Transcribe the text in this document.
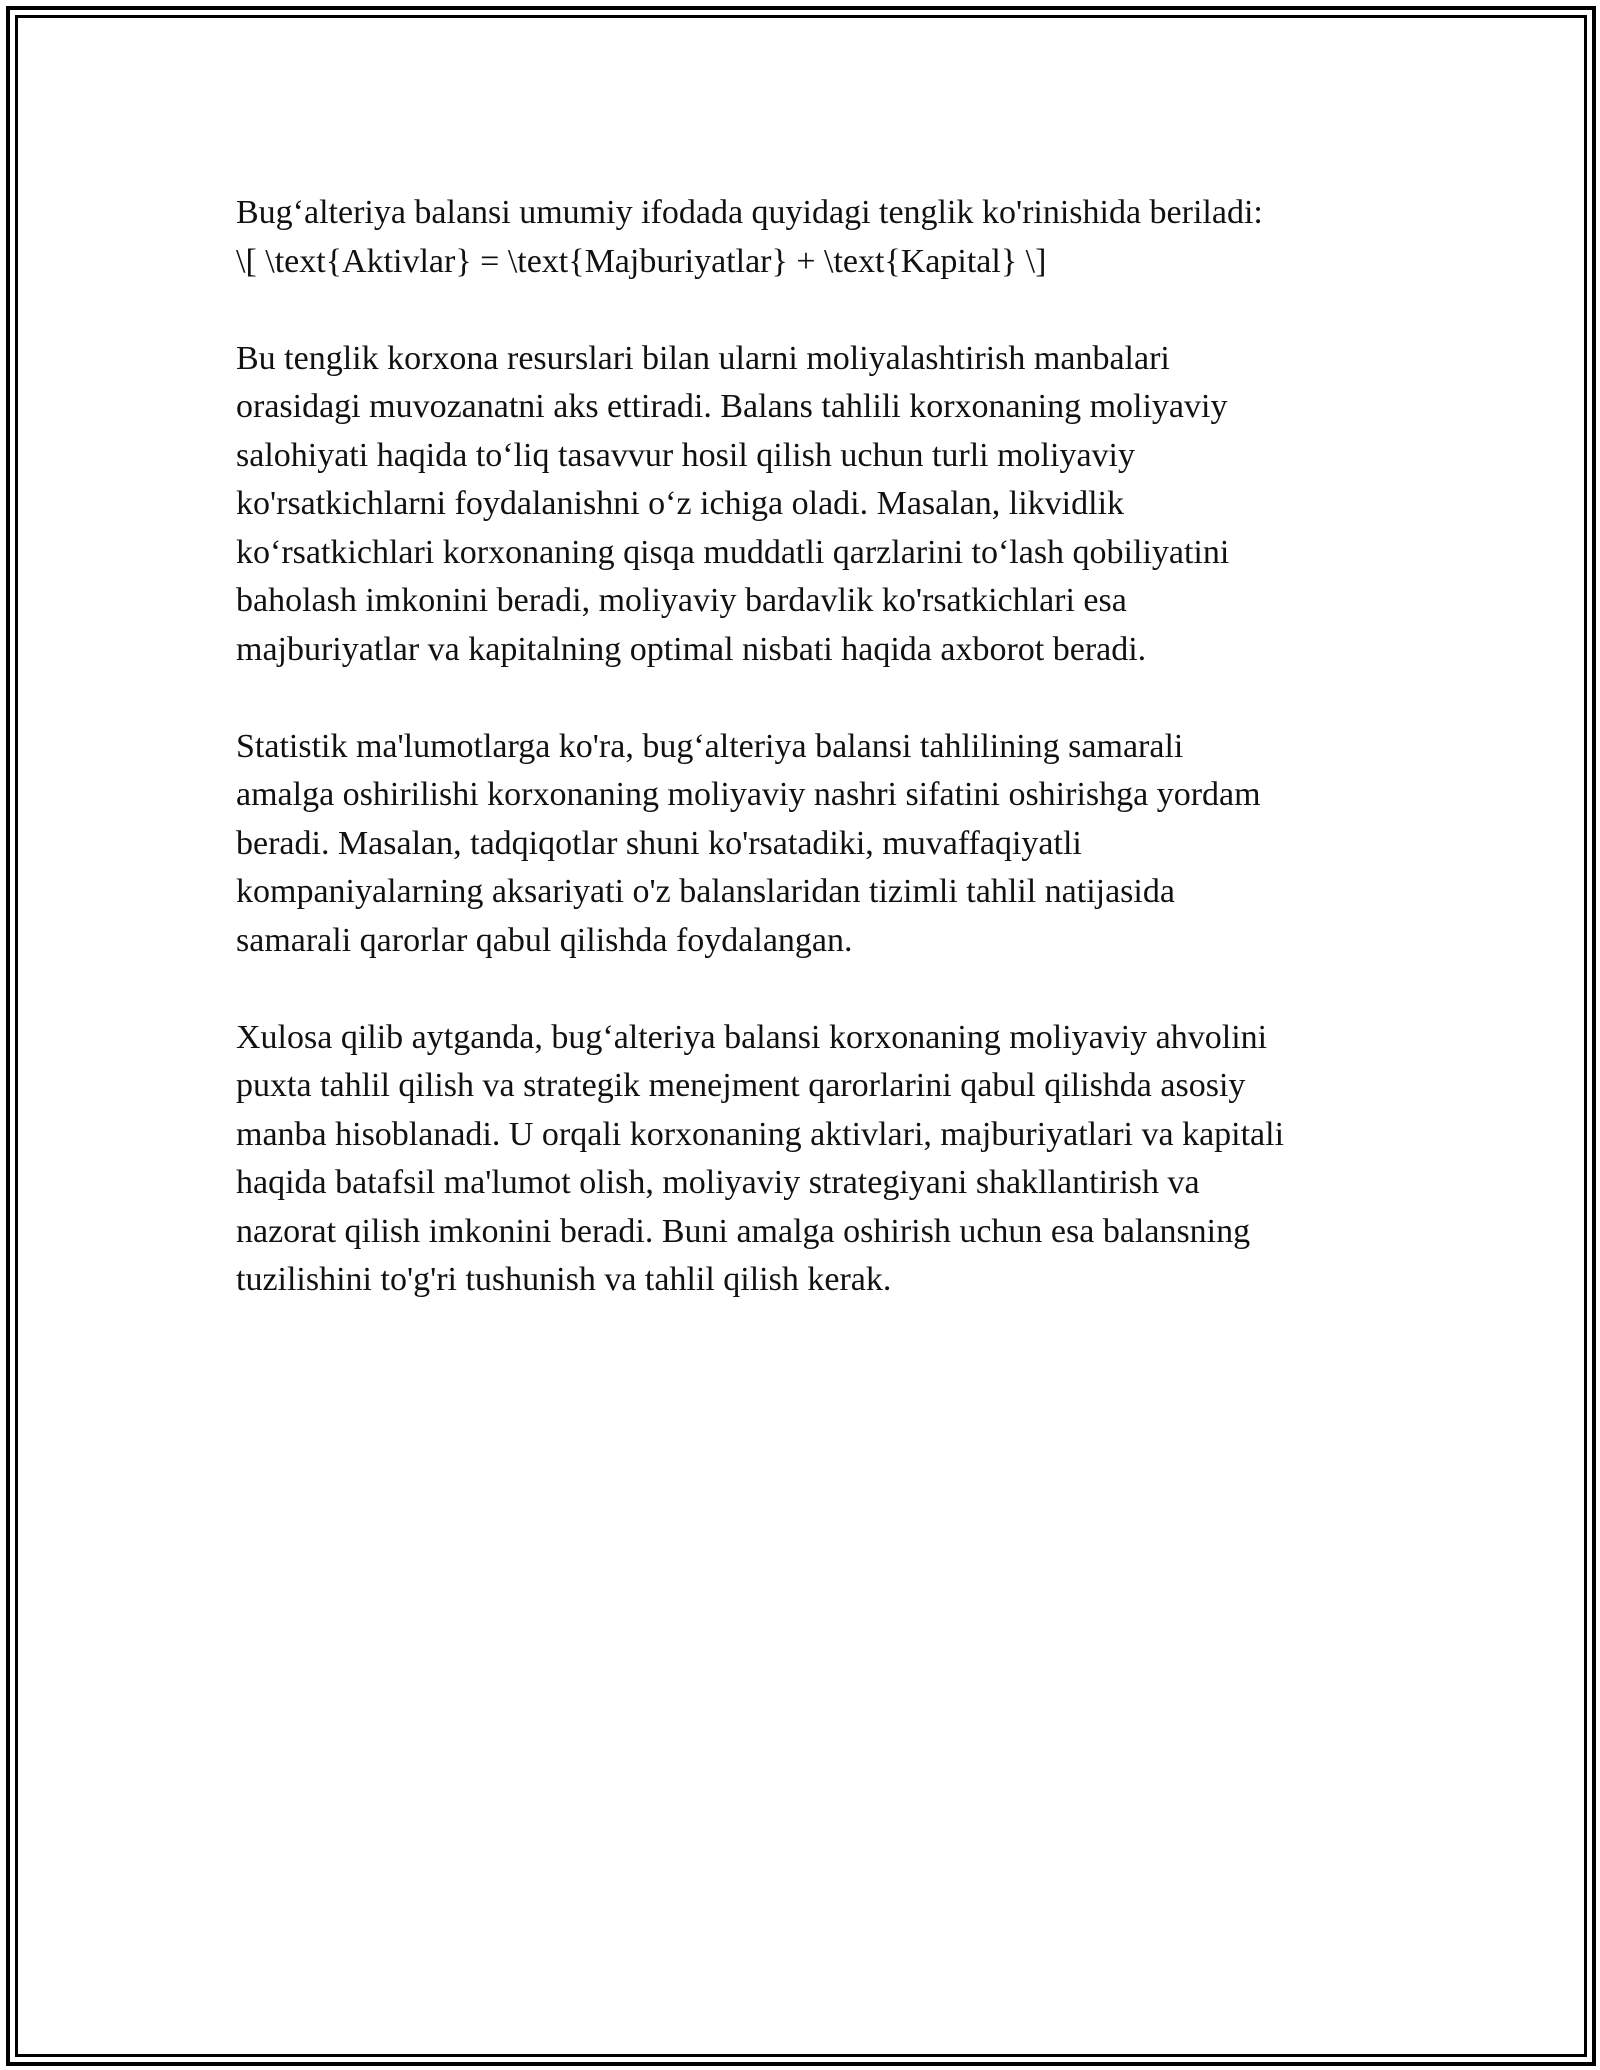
Bug‘alteriya balansi umumiy ifodada quyidagi tenglik ko'rinishida beriladi:
\[ \text{Aktivlar} = \text{Majburiyatlar} + \text{Kapital} \]

Bu tenglik korxona resurslari bilan ularni moliyalashtirish manbalari
orasidagi muvozanatni aks ettiradi. Balans tahlili korxonaning moliyaviy
salohiyati haqida to‘liq tasavvur hosil qilish uchun turli moliyaviy
ko'rsatkichlarni foydalanishni o‘z ichiga oladi. Masalan, likvidlik
ko‘rsatkichlari korxonaning qisqa muddatli qarzlarini to‘lash qobiliyatini
baholash imkonini beradi, moliyaviy bardavlik ko'rsatkichlari esa
majburiyatlar va kapitalning optimal nisbati haqida axborot beradi.

Statistik ma'lumotlarga ko'ra, bug‘alteriya balansi tahlilining samarali
amalga oshirilishi korxonaning moliyaviy nashri sifatini oshirishga yordam
beradi. Masalan, tadqiqotlar shuni ko'rsatadiki, muvaffaqiyatli
kompaniyalarning aksariyati o'z balanslaridan tizimli tahlil natijasida
samarali qarorlar qabul qilishda foydalangan.

Xulosa qilib aytganda, bug‘alteriya balansi korxonaning moliyaviy ahvolini
puxta tahlil qilish va strategik menejment qarorlarini qabul qilishda asosiy
manba hisoblanadi. U orqali korxonaning aktivlari, majburiyatlari va kapitali
haqida batafsil ma'lumot olish, moliyaviy strategiyani shakllantirish va
nazorat qilish imkonini beradi. Buni amalga oshirish uchun esa balansning
tuzilishini to'g'ri tushunish va tahlil qilish kerak.
